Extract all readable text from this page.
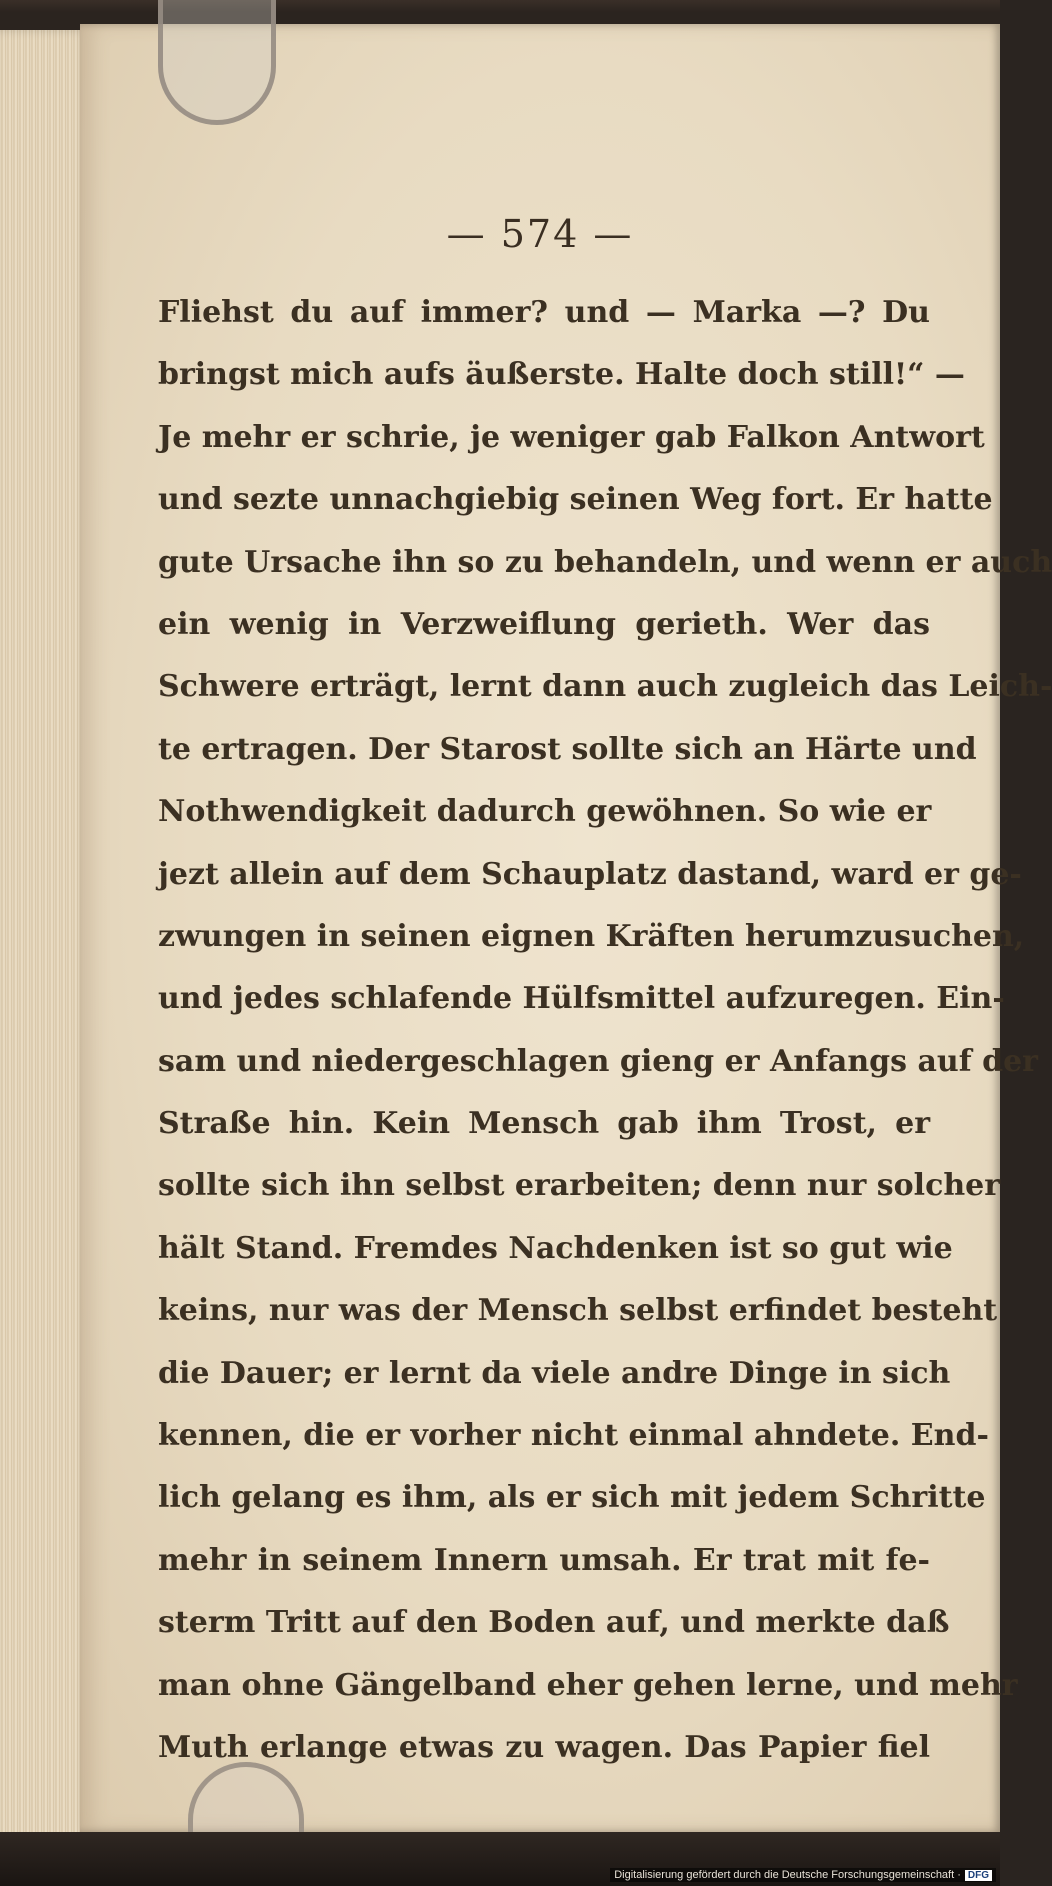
— 574 —
Fliehst du auf immer? und — Marka —? Du
bringst mich aufs äußerste. Halte doch still!“ —
Je mehr er schrie, je weniger gab Falkon Antwort
und sezte unnachgiebig seinen Weg fort. Er hatte
gute Ursache ihn so zu behandeln, und wenn er auch
ein wenig in Verzweiflung gerieth. Wer das
Schwere erträgt, lernt dann auch zugleich das Leich-
te ertragen. Der Starost sollte sich an Härte und
Nothwendigkeit dadurch gewöhnen. So wie er
jezt allein auf dem Schauplatz dastand, ward er ge-
zwungen in seinen eignen Kräften herumzusuchen,
und jedes schlafende Hülfsmittel aufzuregen. Ein-
sam und niedergeschlagen gieng er Anfangs auf der
Straße hin. Kein Mensch gab ihm Trost, er
sollte sich ihn selbst erarbeiten; denn nur solcher
hält Stand. Fremdes Nachdenken ist so gut wie
keins, nur was der Mensch selbst erfindet besteht
die Dauer; er lernt da viele andre Dinge in sich
kennen, die er vorher nicht einmal ahndete. End-
lich gelang es ihm, als er sich mit jedem Schritte
mehr in seinem Innern umsah. Er trat mit fe-
sterm Tritt auf den Boden auf, und merkte daß
man ohne Gängelband eher gehen lerne, und mehr
Muth erlange etwas zu wagen. Das Papier fiel
Digitalisierung gefördert durch die Deutsche Forschungsgemeinschaft · DFG
